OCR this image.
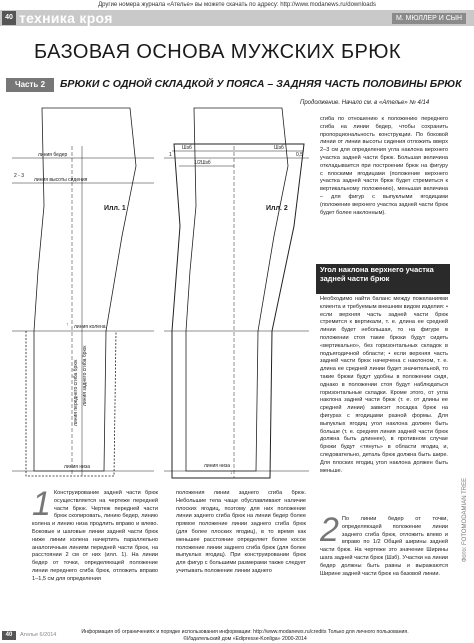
Другие номера журнала «Ателье» вы можете скачать по адресу: http://www.modanews.ru/downloads
40 техника кроя	М. МЮЛЛЕР И СЫН
БАЗОВАЯ ОСНОВА МУЖСКИХ БРЮК
Часть 2	БРЮКИ С ОДНОЙ СКЛАДКОЙ У ПОЯСА – ЗАДНЯЯ ЧАСТЬ ПОЛОВИНЫ БРЮК
Продолжение. Начало см. в «Ателье» № 4/14
линия бедер
линия высоты сидения
2 - 3
Илл. 1
линия колена
линия низа
линия переднего сгиба брюк линия заднего сгиба брюк
↑
Шзб	Шзб
1/2Шзб
1	0,5
Илл. 2
линия низа
↓
сгиба по отношению к положению переднего сгиба на линии бедер, чтобы сохранить пропорциональность конструкции. По боковой линии от линии высоты сидения отложить вверх 2–3 см для определения угла наклона верхнего участка задней части брюк. Большая величина откладывается при построении брюк на фигуру с плоскими ягодицами (положение верхнего участка задней части брюк будет стремиться к вертикальному положению), меньшая величина – для фигур с выпуклыми ягодицами (положение верхнего участка задней части брюк будет более наклонным).
Угол наклона верхнего участка задней части брюк
Необходимо найти баланс между пожеланиями клиента и требуемым внешним видом изделия: • если верхняя часть задней части брюк стремится к вертикали, т. е. длина ее средней линии будет небольшая, то на фигуре в положении стоя такие брюки будут сидеть «вертикально», без горизонтальных складок в подъягодичной области; • если верхняя часть задней части брюк начерчена с наклоном, т. е. длина ее средней линии будет значительной, то такие брюки будут удобны в положении сидя, однако в положении стоя будут наблюдаться горизонтальные складки. Кроме этого, от угла наклона задней части брюк (т. е. от длины ее средней линии) зависит посадка брюк на фигурах с ягодицами разной формы. Для выпуклых ягодиц угол наклона должен быть больше (т. е. средняя линия задней части брюк должна быть длиннее), в противном случае брюки будут «тянуть» в области ягодиц и, следовательно, деталь брюк должна быть шире. Для плоских ягодиц угол наклона должен быть меньше.
1 Конструирование задней части брюк осуществляется на чертеже передней части брюк. Чертеж передней части брюк скопировать, линию бедер, линию колена и линию низа продлить вправо и влево. Боковые и шаговые линии задней части брюк ниже линии колена начертить параллельно аналогичным линиям передней части брюк, на расстоянии 2 см от них (илл. 1). На линии бедер от точки, определяющей положение линии переднего сгиба брюк, отложить вправо 1–1,5 см для определения
положения линии заднего сгиба брюк. Небольшие тела чаще обуславливают наличие плоских ягодиц, поэтому для них положение линии заднего сгиба брюк на линии бедер более прямое положение линии заднего сгиба брюк (для более плоских ягодиц), в то время как меньшее расстояние определяет более косое положение линии заднего сгиба брюк (для более выпуклых ягодиц). При конструировании брюк для фигур с большими размерами также следует учитывать положение линии заднего
2 По линии бедер от точки, определяющей положение линии заднего сгиба брюк, отложить влево и вправо по 1/2 Общей ширины задней части брюк. На чертеже это значение Ширины шага задней части брюк (Шзб). Участки на линии бедер должны быть равны и выражаются Ширине задней части брюк на базовой линии.
Фото: FOTOMODAMIAN TREE
40	Ателье 6/2014	Информация об ограничениях и порядке использования информации: http://www.modanews.ru/credits Только для личного пользования.
©Издательский дом «Edipresse-Konliga» 2000-2014
